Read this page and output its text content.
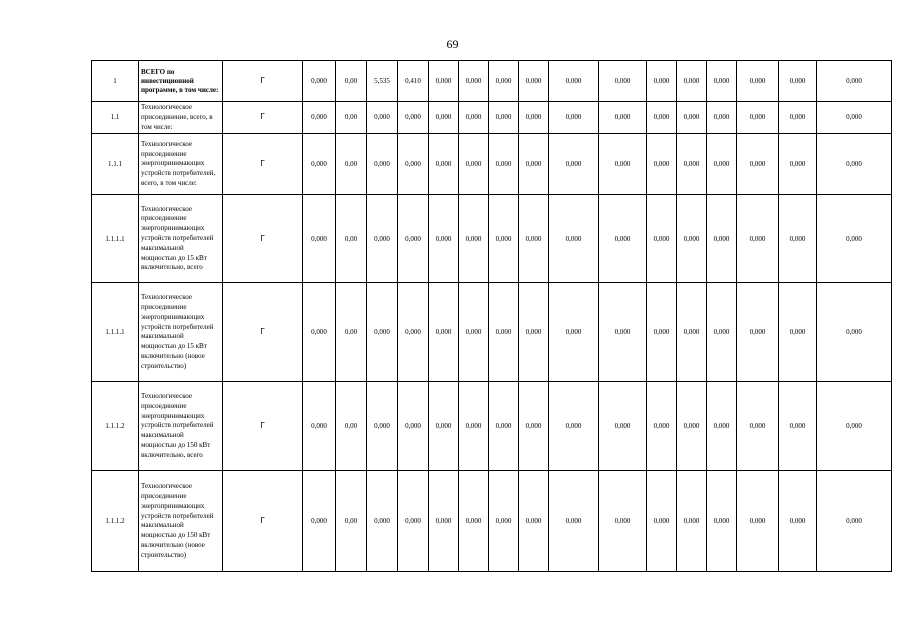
69
1	ВСЕГО по инвестиционной программе, в том числе:	Г	0,000	0,00	5,535	0,410	0,000	0,000	0,000	0,000	0,000	0,000	0,000	0,000	0,000	0,000	0,000	0,000
1.1	Технологическое присоединение, всего, в том числе:	Г	0,000	0,00	0,000	0,000	0,000	0,000	0,000	0,000	0,000	0,000	0,000	0,000	0,000	0,000	0,000	0,000
1.1.1	Технологическое присоединение энергопринимающих устройств потребителей, всего, в том числе:	Г	0,000	0,00	0,000	0,000	0,000	0,000	0,000	0,000	0,000	0,000	0,000	0,000	0,000	0,000	0,000	0,000
1.1.1.1	Технологическое присоединение энергопринимающих устройств потребителей максимальной мощностью до 15 кВт включительно, всего	Г	0,000	0,00	0,000	0,000	0,000	0,000	0,000	0,000	0,000	0,000	0,000	0,000	0,000	0,000	0,000	0,000
1.1.1.1	Технологическое присоединение энергопринимающих устройств потребителей максимальной мощностью до 15 кВт включительно (новое строительство)	Г	0,000	0,00	0,000	0,000	0,000	0,000	0,000	0,000	0,000	0,000	0,000	0,000	0,000	0,000	0,000	0,000
1.1.1.2	Технологическое присоединение энергопринимающих устройств потребителей максимальной мощностью до 150 кВт включительно, всего	Г	0,000	0,00	0,000	0,000	0,000	0,000	0,000	0,000	0,000	0,000	0,000	0,000	0,000	0,000	0,000	0,000
1.1.1.2	Технологическое присоединение энергопринимающих устройств потребителей максимальной мощностью до 150 кВт включительно (новое строительство)	Г	0,000	0,00	0,000	0,000	0,000	0,000	0,000	0,000	0,000	0,000	0,000	0,000	0,000	0,000	0,000	0,000
